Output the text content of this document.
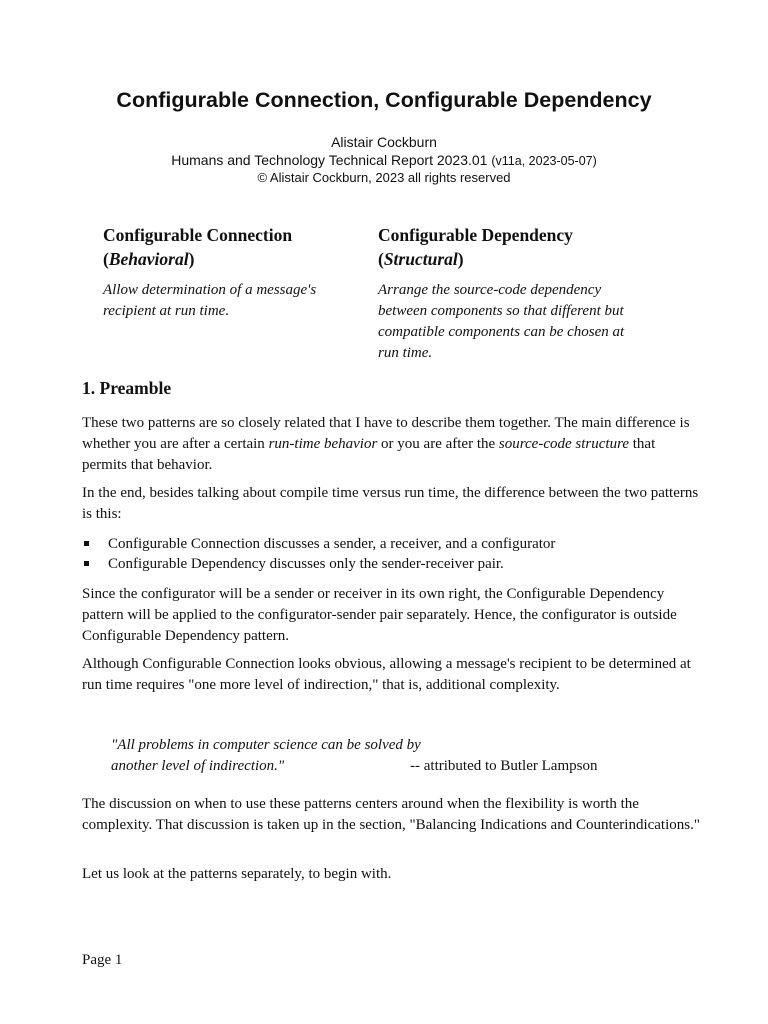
Configurable Connection, Configurable Dependency
Alistair Cockburn
Humans and Technology Technical Report 2023.01 (v11a, 2023-05-07)
© Alistair Cockburn, 2023 all rights reserved

Configurable Connection
(Behavioral)

Allow determination of a message's
recipient at run time.

Configurable Dependency
(Structural)

Arrange the source-code dependency
between components so that different but
compatible components can be chosen at
run time.

1. Preamble

These two patterns are so closely related that I have to describe them together. The main difference is whether you are after a certain run-time behavior or you are after the source-code structure that permits that behavior.

In the end, besides talking about compile time versus run time, the difference between the two patterns is this:

Configurable Connection discusses a sender, a receiver, and a configurator
Configurable Dependency discusses only the sender-receiver pair.

Since the configurator will be a sender or receiver in its own right, the Configurable Dependency pattern will be applied to the configurator-sender pair separately. Hence, the configurator is outside Configurable Dependency pattern.

Although Configurable Connection looks obvious, allowing a message's recipient to be determined at run time requires "one more level of indirection," that is, additional complexity.

"All problems in computer science can be solved by
another level of indirection."	-- attributed to Butler Lampson

The discussion on when to use these patterns centers around when the flexibility is worth the complexity. That discussion is taken up in the section, "Balancing Indications and Counterindications."

Let us look at the patterns separately, to begin with.

Page 1
